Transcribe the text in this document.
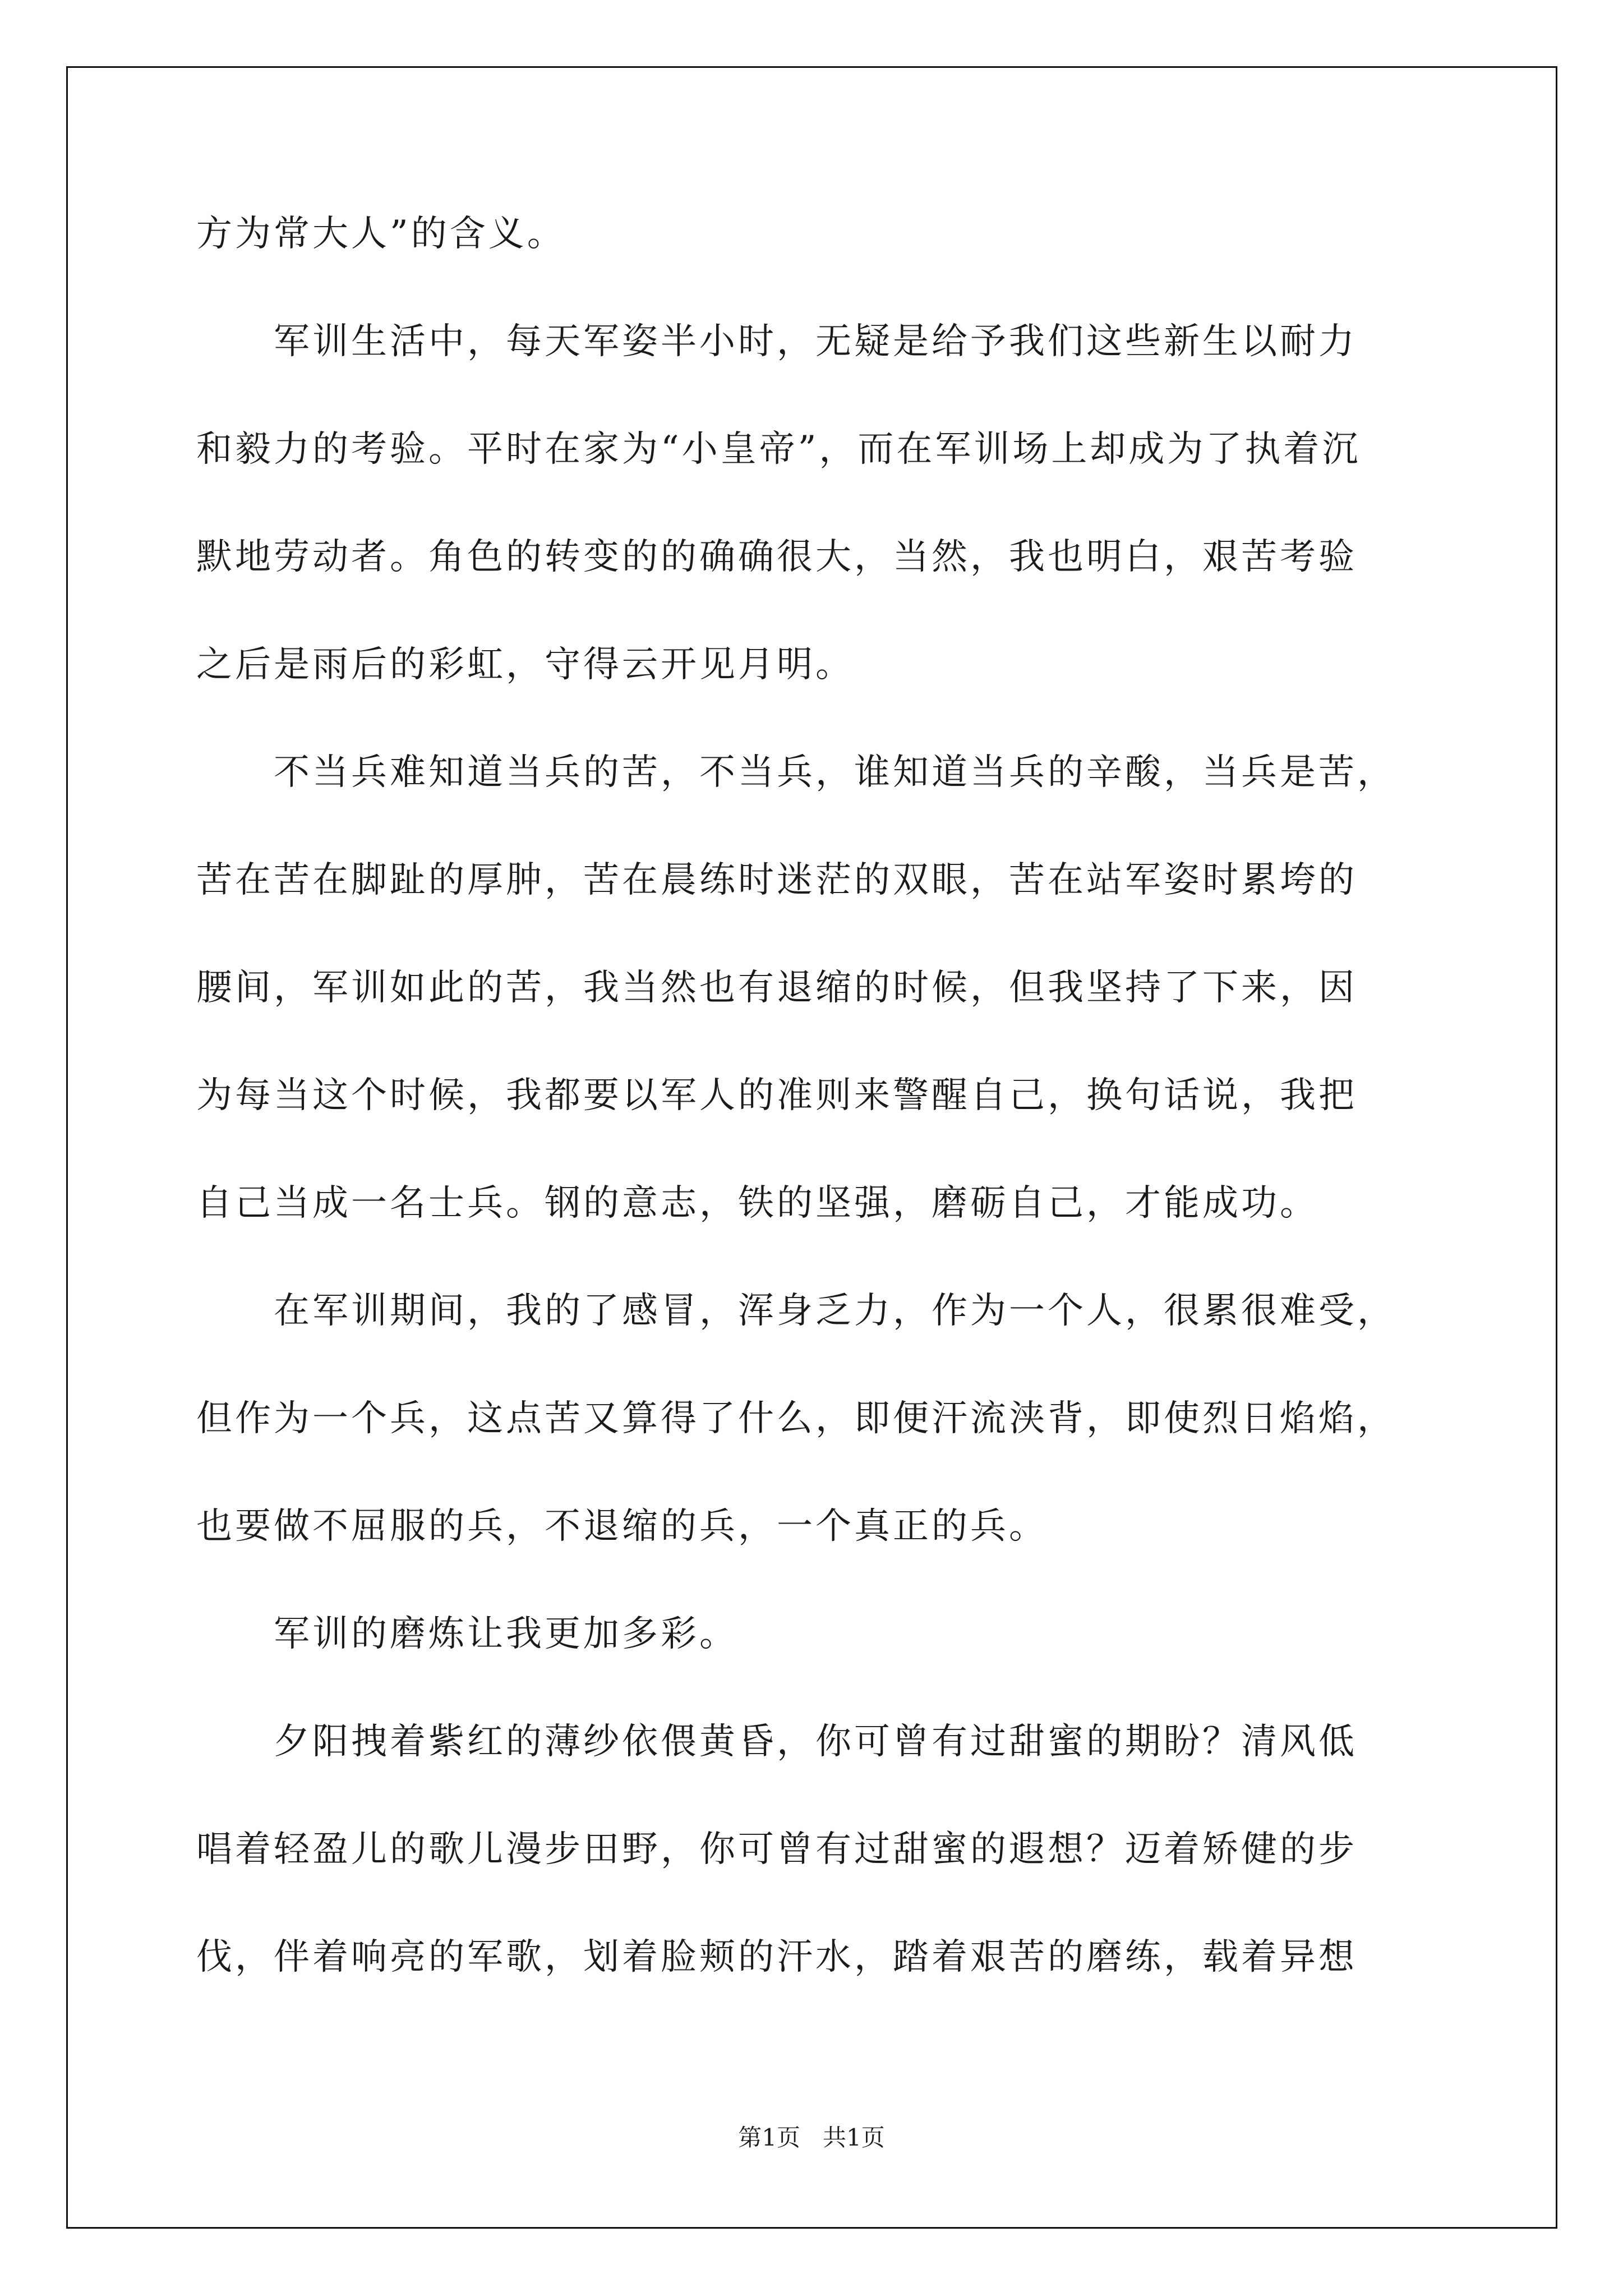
方为常大人”的含义。
　　军训生活中，每天军姿半小时，无疑是给予我们这些新生以耐力
和毅力的考验。平时在家为“小皇帝”，而在军训场上却成为了执着沉
默地劳动者。角色的转变的的确确很大，当然，我也明白，艰苦考验
之后是雨后的彩虹，守得云开见月明。
　　不当兵难知道当兵的苦，不当兵，谁知道当兵的辛酸，当兵是苦，
苦在苦在脚趾的厚肿，苦在晨练时迷茫的双眼，苦在站军姿时累垮的
腰间，军训如此的苦，我当然也有退缩的时候，但我坚持了下来，因
为每当这个时候，我都要以军人的准则来警醒自己，换句话说，我把
自己当成一名士兵。钢的意志，铁的坚强，磨砺自己，才能成功。
　　在军训期间，我的了感冒，浑身乏力，作为一个人，很累很难受，
但作为一个兵，这点苦又算得了什么，即便汗流浃背，即使烈日焰焰，
也要做不屈服的兵，不退缩的兵，一个真正的兵。
　　军训的磨炼让我更加多彩。
　　夕阳拽着紫红的薄纱依偎黄昏，你可曾有过甜蜜的期盼？清风低
唱着轻盈儿的歌儿漫步田野，你可曾有过甜蜜的遐想？迈着矫健的步
伐，伴着响亮的军歌，划着脸颊的汗水，踏着艰苦的磨练，载着异想
第1页 共1页
